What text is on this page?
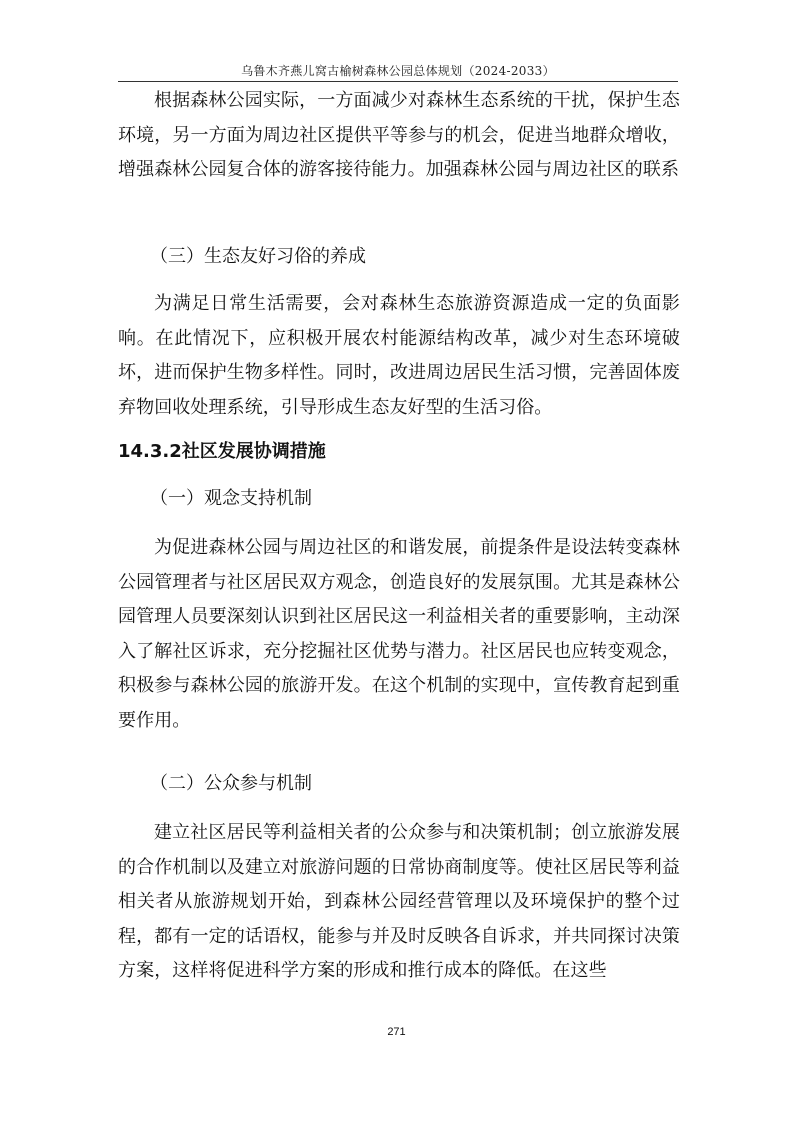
乌鲁木齐燕儿窝古榆树森林公园总体规划（2024-2033）

根据森林公园实际，一方面减少对森林生态系统的干扰，保护生态环境，另一方面为周边社区提供平等参与的机会，促进当地群众增收，增强森林公园复合体的游客接待能力。加强森林公园与周边社区的联系

（三）生态友好习俗的养成

为满足日常生活需要，会对森林生态旅游资源造成一定的负面影响。在此情况下，应积极开展农村能源结构改革，减少对生态环境破坏，进而保护生物多样性。同时，改进周边居民生活习惯，完善固体废弃物回收处理系统，引导形成生态友好型的生活习俗。

14.3.2社区发展协调措施

（一）观念支持机制

为促进森林公园与周边社区的和谐发展，前提条件是设法转变森林公园管理者与社区居民双方观念，创造良好的发展氛围。尤其是森林公园管理人员要深刻认识到社区居民这一利益相关者的重要影响，主动深入了解社区诉求，充分挖掘社区优势与潜力。社区居民也应转变观念，积极参与森林公园的旅游开发。在这个机制的实现中，宣传教育起到重要作用。

（二）公众参与机制

建立社区居民等利益相关者的公众参与和决策机制；创立旅游发展的合作机制以及建立对旅游问题的日常协商制度等。使社区居民等利益相关者从旅游规划开始，到森林公园经营管理以及环境保护的整个过程，都有一定的话语权，能参与并及时反映各自诉求，并共同探讨决策方案，这样将促进科学方案的形成和推行成本的降低。在这些

271
